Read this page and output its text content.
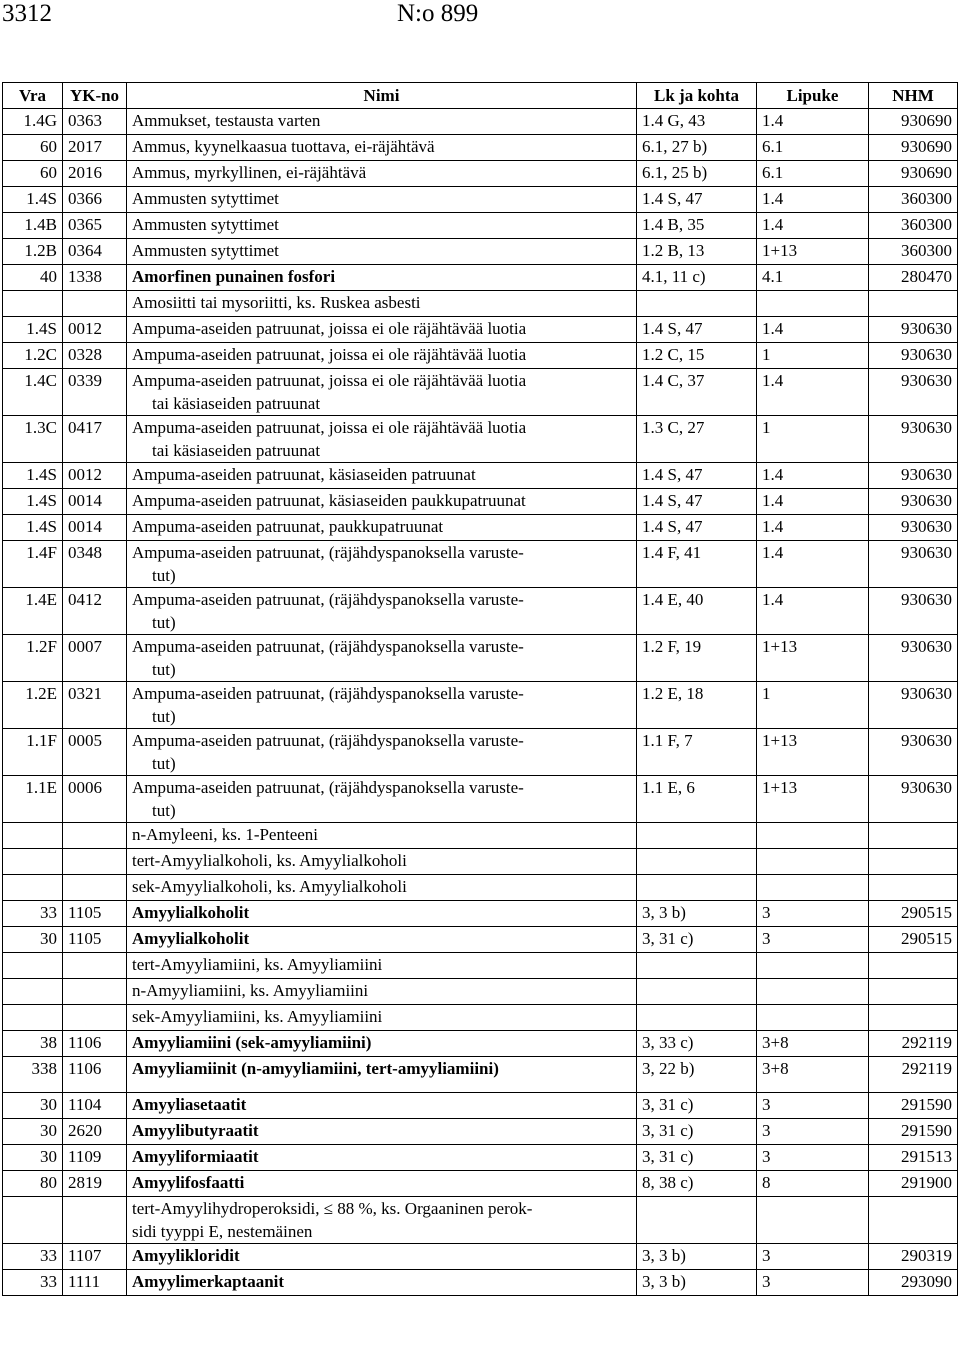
3312	N:o 899
Vra	YK-no	Nimi	Lk ja kohta	Lipuke	NHM
1.4G	0363	Ammukset, testausta varten	1.4 G, 43	1.4	930690
60	2017	Ammus, kyynelkaasua tuottava, ei-räjähtävä	6.1, 27 b)	6.1	930690
60	2016	Ammus, myrkyllinen, ei-räjähtävä	6.1, 25 b)	6.1	930690
1.4S	0366	Ammusten sytyttimet	1.4 S, 47	1.4	360300
1.4B	0365	Ammusten sytyttimet	1.4 B, 35	1.4	360300
1.2B	0364	Ammusten sytyttimet	1.2 B, 13	1+13	360300
40	1338	Amorfinen punainen fosfori	4.1, 11 c)	4.1	280470

		Amosiitti tai mysoriitti, ks. Ruskea asbesti			

1.4S	0012	Ampuma-aseiden patruunat, joissa ei ole räjähtävää luotia	1.4 S, 47	1.4	930630
1.2C	0328	Ampuma-aseiden patruunat, joissa ei ole räjähtävää luotia	1.2 C, 15	1	930630
1.4C	0339	Ampuma-aseiden patruunat, joissa ei ole räjähtävää luotia
tai käsiaseiden patruunat	1.4 C, 37	1.4	930630
1.3C	0417	Ampuma-aseiden patruunat, joissa ei ole räjähtävää luotia
tai käsiaseiden patruunat	1.3 C, 27	1	930630
1.4S	0012	Ampuma-aseiden patruunat, käsiaseiden patruunat	1.4 S, 47	1.4	930630
1.4S	0014	Ampuma-aseiden patruunat, käsiaseiden paukkupatruunat	1.4 S, 47	1.4	930630
1.4S	0014	Ampuma-aseiden patruunat, paukkupatruunat	1.4 S, 47	1.4	930630
1.4F	0348	Ampuma-aseiden patruunat, (räjähdyspanoksella varuste-
tut)	1.4 F, 41	1.4	930630
1.4E	0412	Ampuma-aseiden patruunat, (räjähdyspanoksella varuste-
tut)	1.4 E, 40	1.4	930630
1.2F	0007	Ampuma-aseiden patruunat, (räjähdyspanoksella varuste-
tut)	1.2 F, 19	1+13	930630
1.2E	0321	Ampuma-aseiden patruunat, (räjähdyspanoksella varuste-
tut)	1.2 E, 18	1	930630
1.1F	0005	Ampuma-aseiden patruunat, (räjähdyspanoksella varuste-
tut)	1.1 F, 7	1+13	930630
1.1E	0006	Ampuma-aseiden patruunat, (räjähdyspanoksella varuste-
tut)	1.1 E, 6	1+13	930630

		n-Amyleeni, ks. 1-Penteeni			

		tert-Amyylialkoholi, ks. Amyylialkoholi			

		sek-Amyylialkoholi, ks. Amyylialkoholi			

33	1105	Amyylialkoholit	3, 3 b)	3	290515
30	1105	Amyylialkoholit	3, 31 c)	3	290515

		tert-Amyyliamiini, ks. Amyyliamiini			

		n-Amyyliamiini, ks. Amyyliamiini			

		sek-Amyyliamiini, ks. Amyyliamiini			

38	1106	Amyyliamiini (sek-amyyliamiini)	3, 33 c)	3+8	292119
338	1106	Amyyliamiinit (n-amyyliamiini, tert-amyyliamiini)	3, 22 b)	3+8	292119
30	1104	Amyyliasetaatit	3, 31 c)	3	291590
30	2620	Amyylibutyraatit	3, 31 c)	3	291590
30	1109	Amyyliformiaatit	3, 31 c)	3	291513
80	2819	Amyylifosfaatti	8, 38 c)	8	291900

		tert-Amyylihydroperoksidi, ≤ 88 %, ks. Orgaaninen perok-
sidi tyyppi E, nestemäinen			

33	1107	Amyylikloridit	3, 3 b)	3	290319
33	1111	Amyylimerkaptaanit	3, 3 b)	3	293090
